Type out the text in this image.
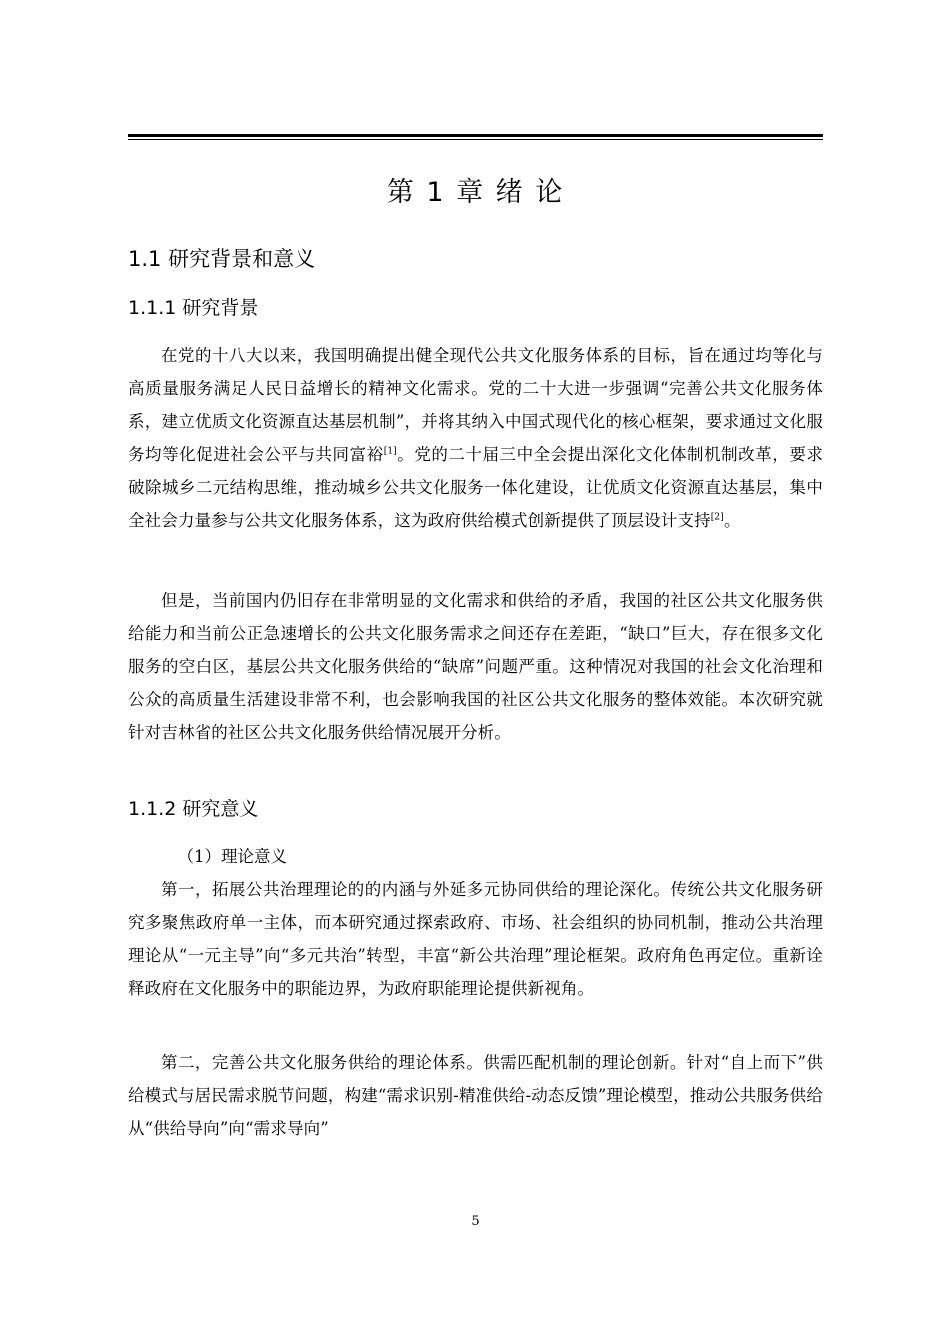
第 1 章 绪 论
1.1 研究背景和意义
1.1.1 研究背景

在党的十八大以来，我国明确提出健全现代公共文化服务体系的目标，旨在通过均等化与高质量服务满足人民日益增长的精神文化需求。党的二十大进一步强调“完善公共文化服务体系，建立优质文化资源直达基层机制”，并将其纳入中国式现代化的核心框架，要求通过文化服务均等化促进社会公平与共同富裕[1]。党的二十届三中全会提出深化文化体制机制改革，要求破除城乡二元结构思维，推动城乡公共文化服务一体化建设，让优质文化资源直达基层，集中全社会力量参与公共文化服务体系，这为政府供给模式创新提供了顶层设计支持[2]。

但是，当前国内仍旧存在非常明显的文化需求和供给的矛盾，我国的社区公共文化服务供给能力和当前公正急速增长的公共文化服务需求之间还存在差距，“缺口”巨大，存在很多文化服务的空白区，基层公共文化服务供给的“缺席”问题严重。这种情况对我国的社会文化治理和公众的高质量生活建设非常不利，也会影响我国的社区公共文化服务的整体效能。本次研究就针对吉林省的社区公共文化服务供给情况展开分析。

1.1.2 研究意义

（1）理论意义

第一，拓展公共治理理论的的内涵与外延多元协同供给的理论深化。传统公共文化服务研究多聚焦政府单一主体，而本研究通过探索政府、市场、社会组织的协同机制，推动公共治理理论从“一元主导”向“多元共治”转型，丰富“新公共治理”理论框架。政府角色再定位。重新诠释政府在文化服务中的职能边界，为政府职能理论提供新视角。

第二，完善公共文化服务供给的理论体系。供需匹配机制的理论创新。针对“自上而下”供给模式与居民需求脱节问题，构建“需求识别-精准供给-动态反馈”理论模型，推动公共服务供给从“供给导向”向“需求导向”

5
